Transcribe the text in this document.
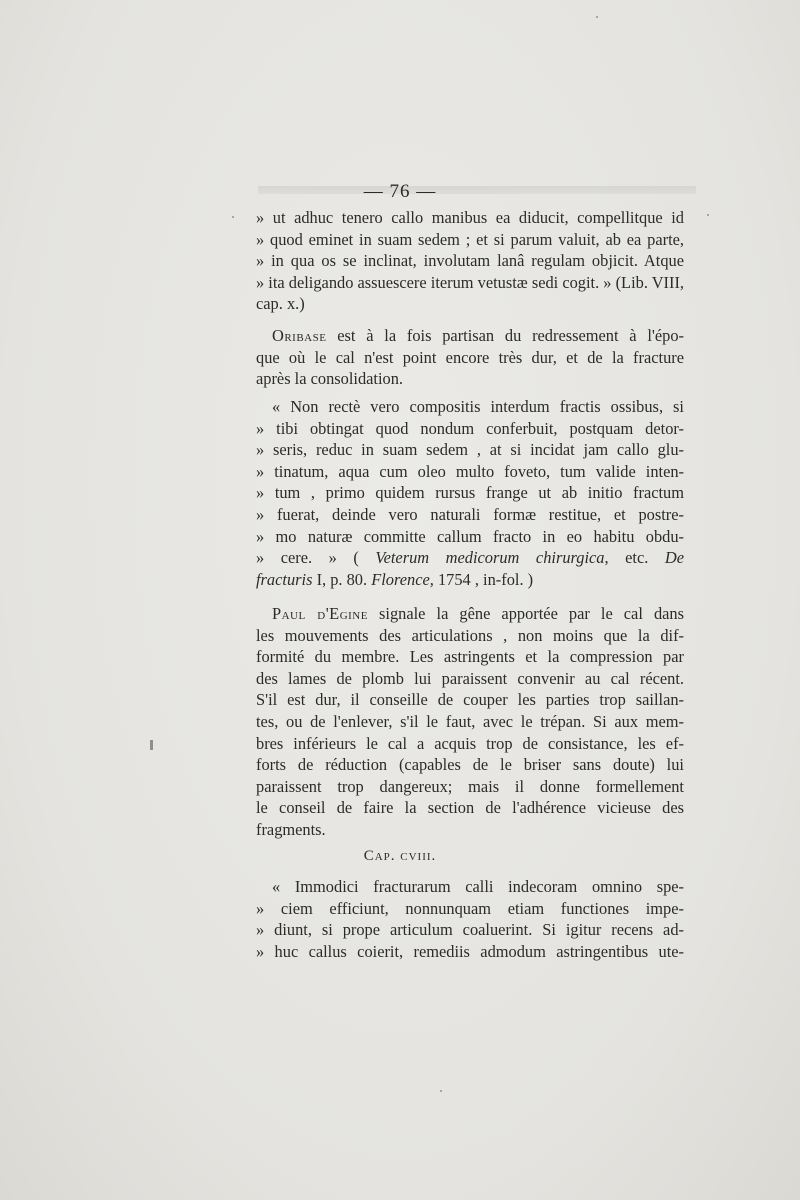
— 76 —
» ut adhuc tenero callo manibus ea diducit, compellitque id
» quod eminet in suam sedem ; et si parum valuit, ab ea parte,
» in qua os se inclinat, involutam lanâ regulam objicit. Atque
» ita deligando assuescere iterum vetustæ sedi cogit. » (Lib. VIII,
cap. x.)
Oribase est à la fois partisan du redressement à l'épo-
que où le cal n'est point encore très dur, et de la fracture
après la consolidation.
« Non rectè vero compositis interdum fractis ossibus, si
» tibi obtingat quod nondum conferbuit, postquam detor-
» seris, reduc in suam sedem , at si incidat jam callo glu-
» tinatum, aqua cum oleo multo foveto, tum valide inten-
» tum , primo quidem rursus frange ut ab initio fractum
» fuerat, deinde vero naturali formæ restitue, et postre-
» mo naturæ committe callum fracto in eo habitu obdu-
» cere. » ( Veterum medicorum chirurgica, etc. De
fracturis I, p. 80. Florence, 1754 , in-fol. )
Paul d'Egine signale la gêne apportée par le cal dans
les mouvements des articulations , non moins que la dif-
formité du membre. Les astringents et la compression par
des lames de plomb lui paraissent convenir au cal récent.
S'il est dur, il conseille de couper les parties trop saillan-
tes, ou de l'enlever, s'il le faut, avec le trépan. Si aux mem-
bres inférieurs le cal a acquis trop de consistance, les ef-
forts de réduction (capables de le briser sans doute) lui
paraissent trop dangereux; mais il donne formellement
le conseil de faire la section de l'adhérence vicieuse des
fragments.
Cap. cviii.
« Immodici fracturarum calli indecoram omnino spe-
» ciem efficiunt, nonnunquam etiam functiones impe-
» diunt, si prope articulum coaluerint. Si igitur recens ad-
» huc callus coierit, remediis admodum astringentibus ute-
